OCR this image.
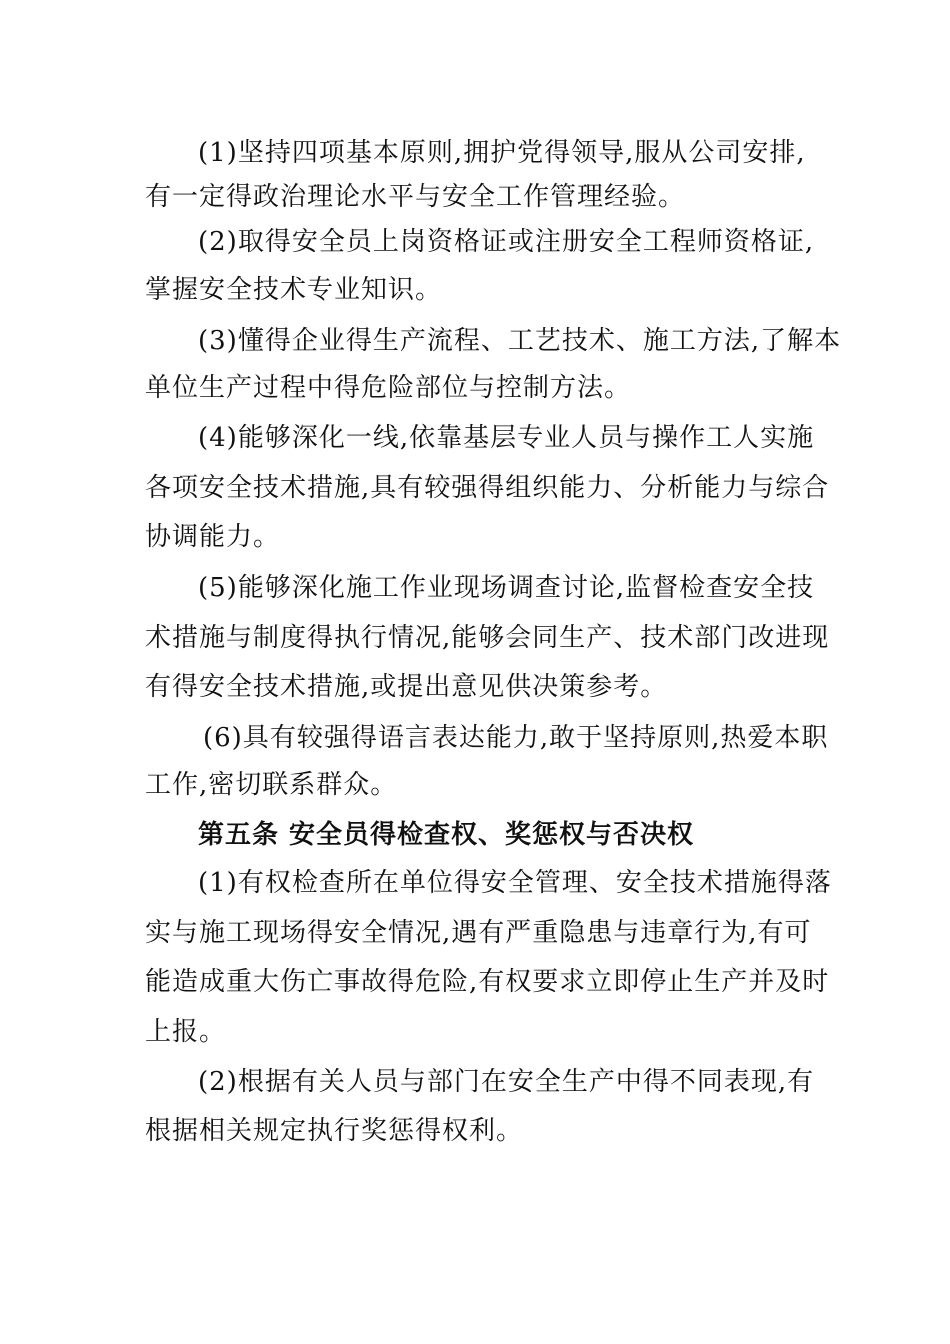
(1)坚持四项基本原则,拥护党得领导,服从公司安排,
有一定得政治理论水平与安全工作管理经验。
(2)取得安全员上岗资格证或注册安全工程师资格证,
掌握安全技术专业知识。
(3)懂得企业得生产流程、工艺技术、施工方法,了解本
单位生产过程中得危险部位与控制方法。
(4)能够深化一线,依靠基层专业人员与操作工人实施
各项安全技术措施,具有较强得组织能力、分析能力与综合
协调能力。
(5)能够深化施工作业现场调查讨论,监督检查安全技
术措施与制度得执行情况,能够会同生产、技术部门改进现
有得安全技术措施,或提出意见供决策参考。
(6)具有较强得语言表达能力,敢于坚持原则,热爱本职
工作,密切联系群众。
第五条 安全员得检查权、奖惩权与否决权
(1)有权检查所在单位得安全管理、安全技术措施得落
实与施工现场得安全情况,遇有严重隐患与违章行为,有可
能造成重大伤亡事故得危险,有权要求立即停止生产并及时
上报。
(2)根据有关人员与部门在安全生产中得不同表现,有
根据相关规定执行奖惩得权利。
